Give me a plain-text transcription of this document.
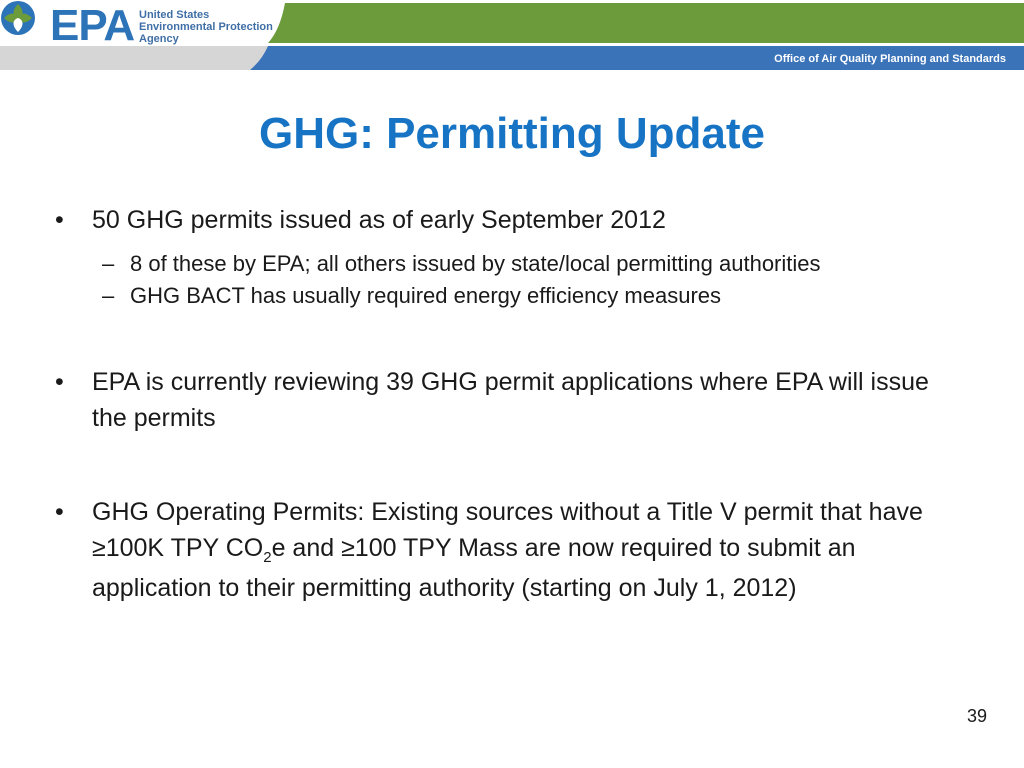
EPA United States
Environmental Protection
Agency
Office of Air Quality Planning and Standards
GHG: Permitting Update
• 50 GHG permits issued as of early September 2012
– 8 of these by EPA; all others issued by state/local permitting authorities
– GHG BACT has usually required energy efficiency measures
• EPA is currently reviewing 39 GHG permit applications where EPA will issue the permits
• GHG Operating Permits: Existing sources without a Title V permit that have ≥100K TPY $CO_2e$ and ≥100 TPY Mass are now required to submit an application to their permitting authority (starting on July 1, 2012)
39
